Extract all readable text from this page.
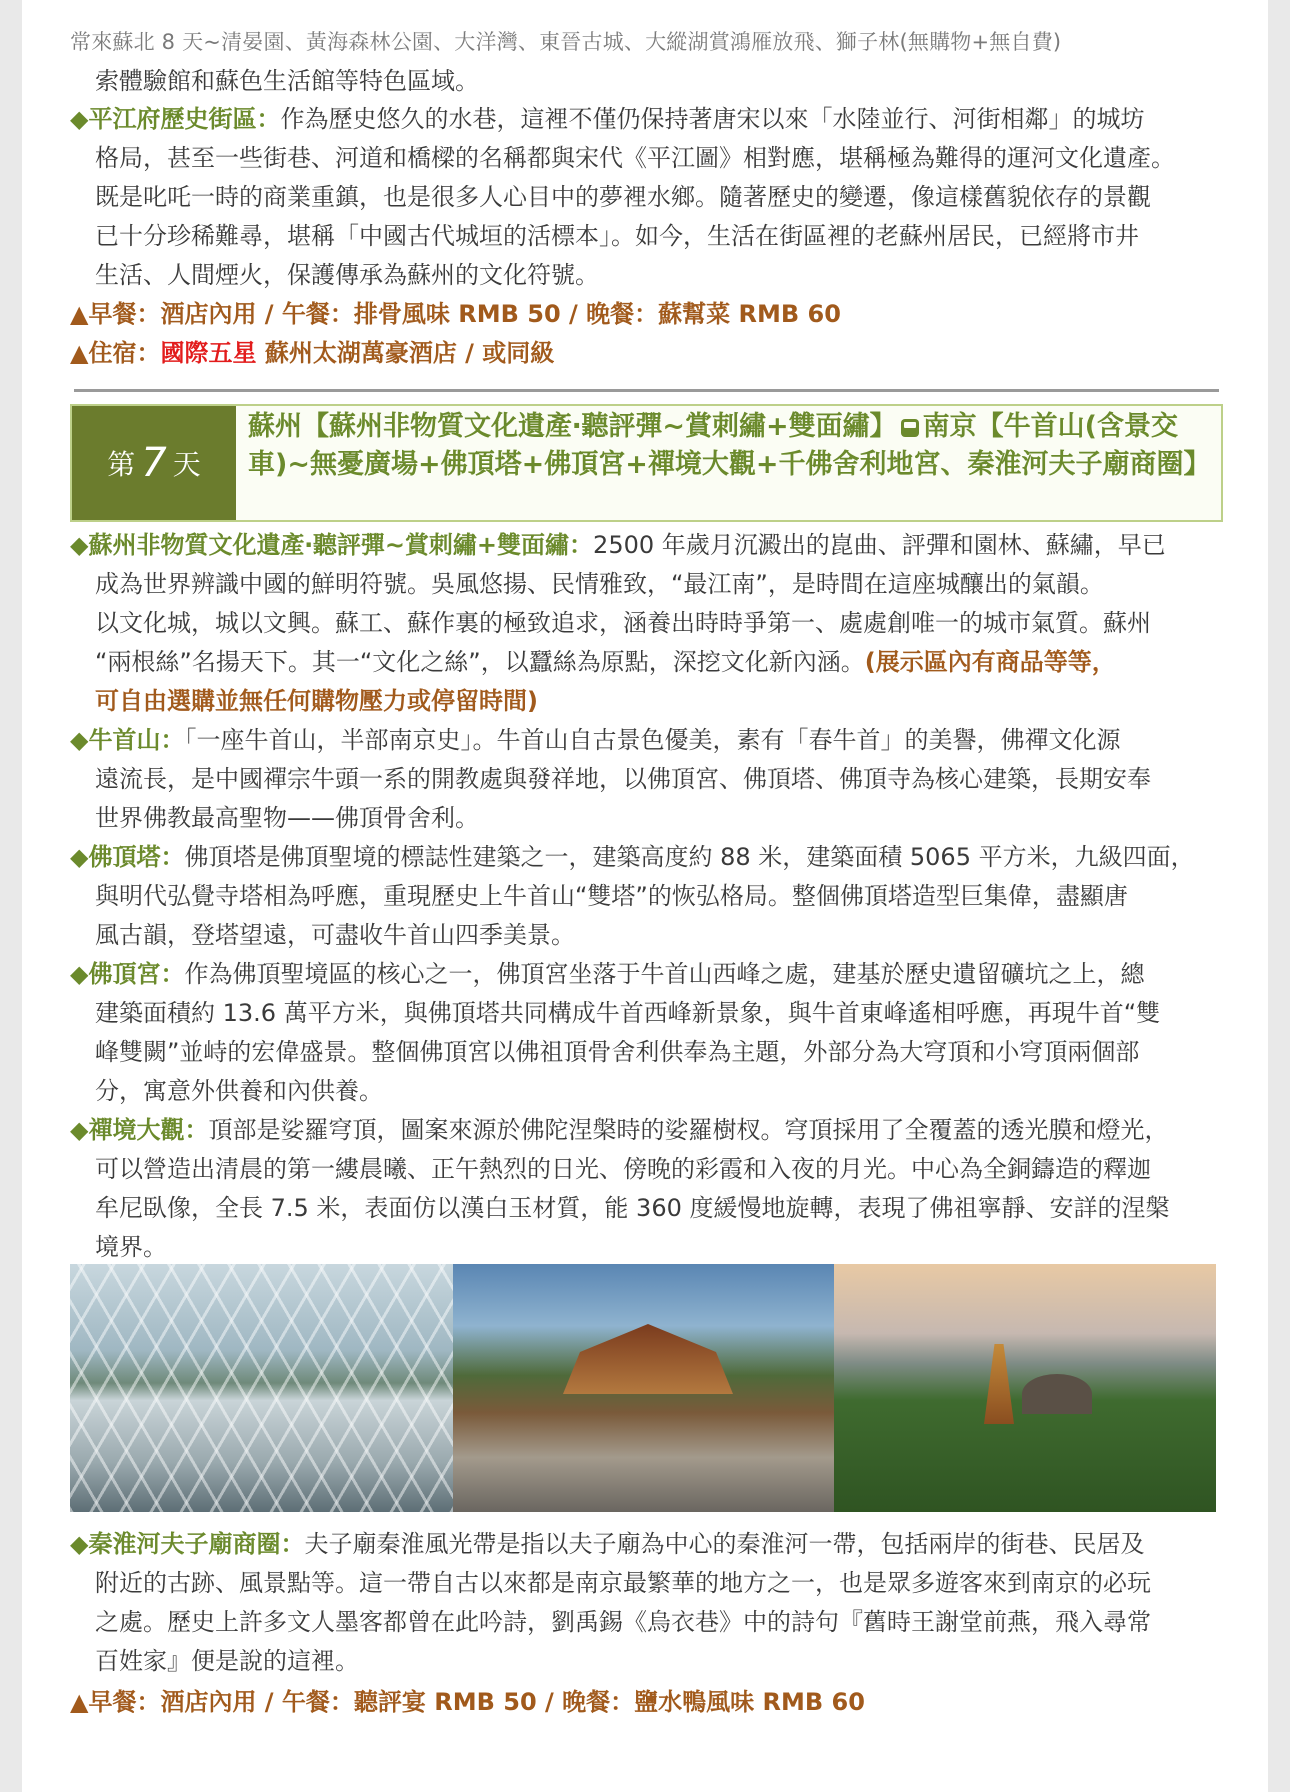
常來蘇北 8 天~清晏園、黃海森林公園、大洋灣、東晉古城、大縱湖賞鴻雁放飛、獅子林(無購物+無自費)
索體驗館和蘇色生活館等特色區域。
◆平江府歷史街區：作為歷史悠久的水巷，這裡不僅仍保持著唐宋以來「水陸並行、河街相鄰」的城坊
格局，甚至一些街巷、河道和橋樑的名稱都與宋代《平江圖》相對應，堪稱極為難得的運河文化遺產。
既是叱吒一時的商業重鎮，也是很多人心目中的夢裡水鄉。隨著歷史的變遷，像這樣舊貌依存的景觀
已十分珍稀難尋，堪稱「中國古代城垣的活標本」。如今，生活在街區裡的老蘇州居民，已經將市井
生活、人間煙火，保護傳承為蘇州的文化符號。
▲早餐：酒店內用 / 午餐：排骨風味 RMB 50 / 晚餐：蘇幫菜 RMB 60
▲住宿：國際五星 蘇州太湖萬豪酒店 / 或同級
第 7 天
蘇州【蘇州非物質文化遺產‧聽評彈~賞刺繡+雙面繡】 南京【牛首山(含景交車)~無憂廣場+佛頂塔+佛頂宮+禪境大觀+千佛舍利地宮、秦淮河夫子廟商圈】
◆蘇州非物質文化遺產‧聽評彈~賞刺繡+雙面繡：2500 年歲月沉澱出的崑曲、評彈和園林、蘇繡，早已
成為世界辨識中國的鮮明符號。吳風悠揚、民情雅致，“最江南”，是時間在這座城釀出的氣韻。
以文化城，城以文興。蘇工、蘇作裏的極致追求，涵養出時時爭第一、處處創唯一的城市氣質。蘇州
“兩根絲”名揚天下。其一“文化之絲”，以蠶絲為原點，深挖文化新內涵。(展示區內有商品等等，
可自由選購並無任何購物壓力或停留時間)
◆牛首山：「一座牛首山，半部南京史」。牛首山自古景色優美，素有「春牛首」的美譽，佛禪文化源
遠流長，是中國禪宗牛頭一系的開教處與發祥地，以佛頂宮、佛頂塔、佛頂寺為核心建築，長期安奉
世界佛教最高聖物——佛頂骨舍利。
◆佛頂塔：佛頂塔是佛頂聖境的標誌性建築之一，建築高度約 88 米，建築面積 5065 平方米，九級四面，
與明代弘覺寺塔相為呼應，重現歷史上牛首山“雙塔”的恢弘格局。整個佛頂塔造型巨集偉，盡顯唐
風古韻，登塔望遠，可盡收牛首山四季美景。
◆佛頂宮：作為佛頂聖境區的核心之一，佛頂宮坐落于牛首山西峰之處，建基於歷史遺留礦坑之上，總
建築面積約 13.6 萬平方米，與佛頂塔共同構成牛首西峰新景象，與牛首東峰遙相呼應，再現牛首“雙
峰雙闕”並峙的宏偉盛景。整個佛頂宮以佛祖頂骨舍利供奉為主題，外部分為大穹頂和小穹頂兩個部
分，寓意外供養和內供養。
◆禪境大觀：頂部是娑羅穹頂，圖案來源於佛陀涅槃時的娑羅樹杈。穹頂採用了全覆蓋的透光膜和燈光，
可以營造出清晨的第一縷晨曦、正午熱烈的日光、傍晚的彩霞和入夜的月光。中心為全銅鑄造的釋迦
牟尼臥像，全長 7.5 米，表面仿以漢白玉材質，能 360 度緩慢地旋轉，表現了佛祖寧靜、安詳的涅槃
境界。
◆秦淮河夫子廟商圈：夫子廟秦淮風光帶是指以夫子廟為中心的秦淮河一帶，包括兩岸的街巷、民居及
附近的古跡、風景點等。這一帶自古以來都是南京最繁華的地方之一，也是眾多遊客來到南京的必玩
之處。歷史上許多文人墨客都曾在此吟詩，劉禹錫《烏衣巷》中的詩句『舊時王謝堂前燕，飛入尋常
百姓家』便是說的這裡。
▲早餐：酒店內用 / 午餐：聽評宴 RMB 50 / 晚餐：鹽水鴨風味 RMB 60
